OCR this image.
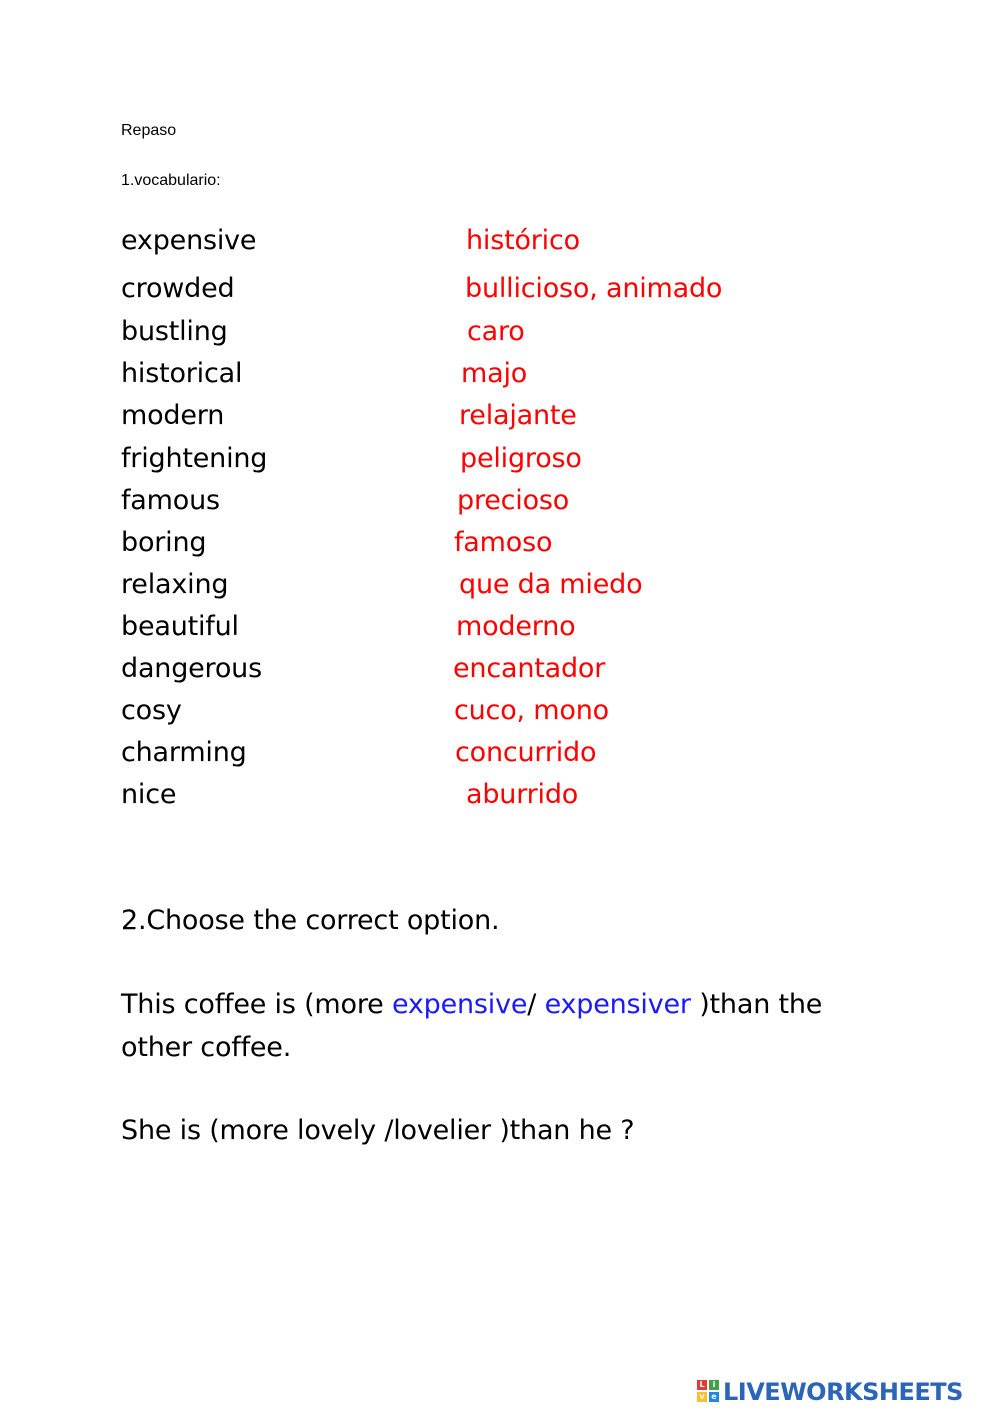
Repaso
1.vocabulario:
expensive	histórico
crowded	bullicioso, animado
bustling	caro
historical	majo
modern	relajante
frightening	peligroso
famous	precioso
boring	famoso
relaxing	que da miedo
beautiful	moderno
dangerous	encantador
cosy	cuco, mono
charming	concurrido
nice	aburrido
2.Choose the correct option.
This coffee is (more expensive/ expensiver )than the
other coffee.
She is (more lovely /lovelier )than he ?
L	i
v e LIVEWORKSHEETS
